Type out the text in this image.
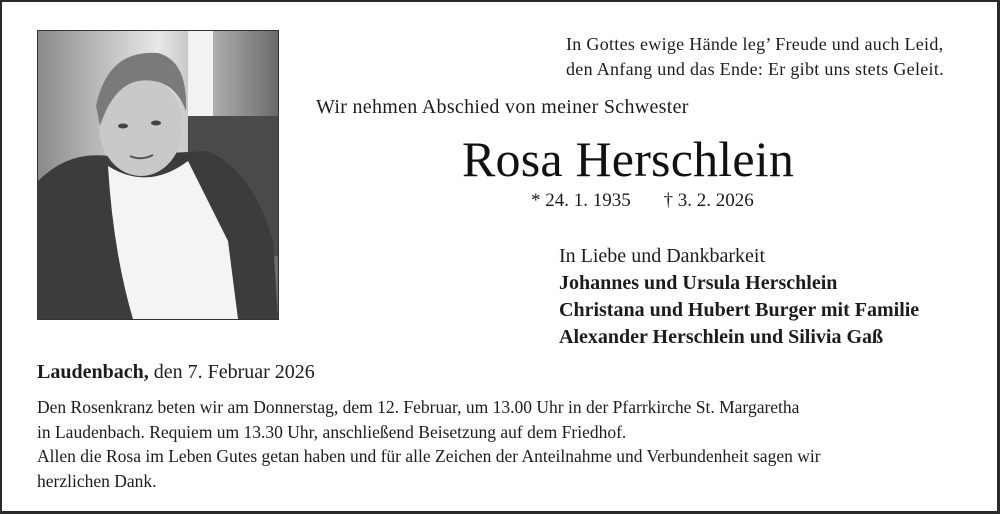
In Gottes ewige Hände leg’ Freude und auch Leid,
den Anfang und das Ende: Er gibt uns stets Geleit.
Wir nehmen Abschied von meiner Schwester
Rosa Herschlein
* 24. 1. 1935 † 3. 2. 2026
In Liebe und Dankbarkeit
Johannes und Ursula Herschlein
Christana und Hubert Burger mit Familie
Alexander Herschlein und Silivia Gaß
Laudenbach, den 7. Februar 2026
Den Rosenkranz beten wir am Donnerstag, dem 12. Februar, um 13.00 Uhr in der Pfarrkirche St. Margaretha
in Laudenbach. Requiem um 13.30 Uhr, anschließend Beisetzung auf dem Friedhof.
Allen die Rosa im Leben Gutes getan haben und für alle Zeichen der Anteilnahme und Verbundenheit sagen wir
herzlichen Dank.
